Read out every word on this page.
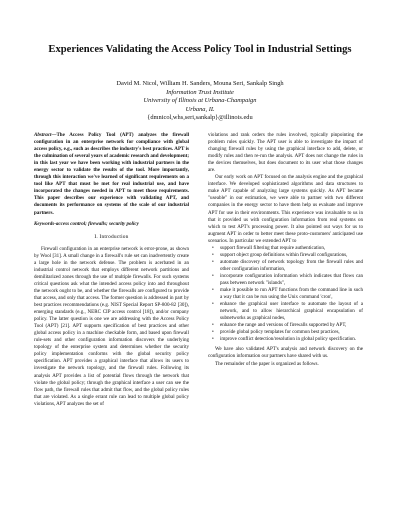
Experiences Validating the Access Policy Tool in Industrial Settings
David M. Nicol, William H. Sanders, Mouna Seri, Sankalp Singh
Information Trust Institute
University of Illinois at Urbana-Champaign
Urbana, IL
{dmnicol,whs,seri,sankalp}@illinois.edu

Abstract—The Access Policy Tool (APT) analyzes the firewall configuration in an enterprise network for compliance with global access policy, e.g., such as describes the industry's best practices. APT is the culmination of several years of academic research and development; in this last year we have been working with industrial partners in the energy sector to validate the results of the tool. More importantly, through this interaction we've learned of significant requirements on a tool like APT that must be met for real industrial use, and have incorporated the changes needed in APT to meet those requirements. This paper describes our experience with validating APT, and documents its performance on systems of the scale of our industrial partners.

Keywords-access control; firewalls; security policy

I. Introduction

Firewall configuration in an enterprise network is error-prone, as shown by Wool [31]. A small change in a firewall's rule set can inadvertently create a large hole in the network defense. The problem is acerbated in an industrial control network that employs different network partitions and demilitarized zones through the use of multiple firewalls. For such systems critical questions ask what the intended access policy into and throughout the network ought to be, and whether the firewalls are configured to provide that access, and only that access. The former question is addressed in part by best practices recommendations (e.g. NIST Special Report SP-800-82 [30]), emerging standards (e.g., NERC CIP access control [18]), and/or company policy. The latter question is one we are addressing with the Access Policy Tool (APT) [21]. APT supports specification of best practices and other global access policy in a machine checkable form, and based upon firewall rule-sets and other configuration information discovers the underlying topology of the enterprise system and determines whether the security policy implementation conforms with the global security policy specification. APT provides a graphical interface that allows its users to investigate the network topology, and the firewall rules. Following its analysis APT provides a list of potential flows through the network that violate the global policy; through the graphical interface a user can see the flow path, the firewall rules that admit that flow, and the global policy rules that are violated. As a single errant rule can lead to multiple global policy violations, APT analyzes the set of

violations and rank orders the rules involved, typically pinpointing the problem rules quickly. The APT user is able to investigate the impact of changing firewall rules by using the graphical interface to add, delete, or modify rules and then re-run the analysis. APT does not change the rules in the devices themselves, but does document to its user what those changes are.

Our early work on APT focused on the analysis engine and the graphical interface. We developed sophisticated algorithms and data structures to make APT capable of analyzing large systems quickly. As APT became "useable" in our estimation, we were able to partner with two different companies in the energy sector to have them help us evaluate and improve APT for use in their environments. This experience was invaluable to us in that it provided us with configuration information from real systems on which to test APT's processing power. It also pointed out ways for us to augment APT in order to better meet these proto-customers' anticipated use scenarios. In particular we extended APT to

• support firewall filtering that require authentication,
• support object group definitions within firewall configurations,
• automate discovery of network topology from the firewall rules and other configuration information,
• incorporate configuration information which indicates that flows can pass between network "islands",
• make it possible to run APT functions from the command line in such a way that it can be run using the Unix command 'cron',
• enhance the graphical user interface to automate the layout of a network, and to allow hierarchical graphical encapsulation of subnetworks as graphical nodes,
• enhance the range and versions of firewalls supported by APT,
• provide global policy templates for common best practices,
• improve conflict detection/resolution in global policy specification.

We have also validated APT's analysis and network discovery on the configuration information our partners have shared with us.

The remainder of the paper is organized as follows.
